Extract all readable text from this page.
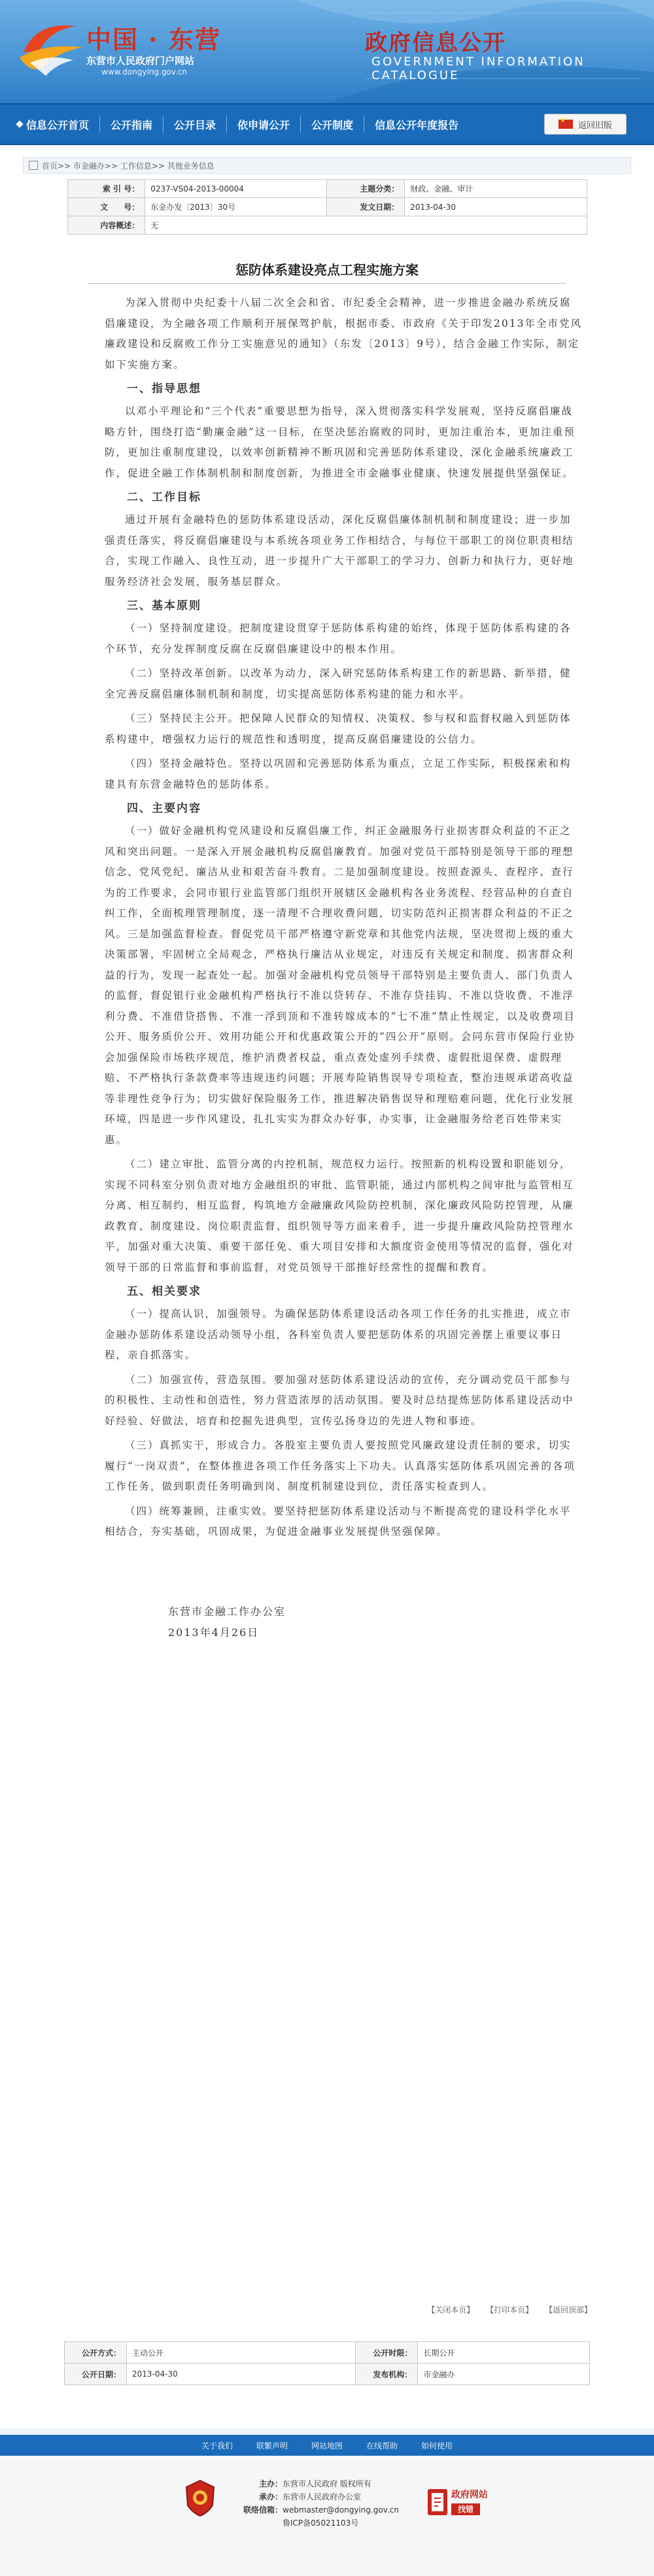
中国 · 东营
东营市人民政府门户网站
www.dongying.gov.cn
政府信息公开
GOVERNMENT INFORMATION CATALOGUE
信息公开首页 公开指南 公开目录 依申请公开 公开制度 信息公开年度报告 ★	返回旧版
首页>> 市金融办>> 工作信息>> 其他业务信息
索 引 号：	0237-VS04-2013-00004	主题分类：	财政、金融、审计
文　　号：	东金办发〔2013〕30号	发文日期：	2013-04-30
内容概述：	无		
惩防体系建设亮点工程实施方案

为深入贯彻中央纪委十八届二次全会和省、市纪委全会精神，进一步推进金融办系统反腐倡廉建设，为全融各项工作顺利开展保驾护航，根据市委、市政府《关于印发2013年全市党风廉政建设和反腐败工作分工实施意见的通知》（东发〔2013〕9号），结合金融工作实际，制定如下实施方案。

一、指导思想

以邓小平理论和“三个代表”重要思想为指导，深入贯彻落实科学发展观，坚持反腐倡廉战略方针，围绕打造“勤廉金融”这一目标，在坚决惩治腐败的同时，更加注重治本，更加注重预防，更加注重制度建设，以效率创新精神不断巩固和完善惩防体系建设，深化金融系统廉政工作，促进全融工作体制机制和制度创新，为推进全市金融事业健康、快速发展提供坚强保证。

二、工作目标

通过开展有金融特色的惩防体系建设活动，深化反腐倡廉体制机制和制度建设；进一步加强责任落实，将反腐倡廉建设与本系统各项业务工作相结合，与每位干部职工的岗位职责相结合，实现工作融入、良性互动，进一步提升广大干部职工的学习力、创新力和执行力，更好地服务经济社会发展，服务基层群众。

三、基本原则

（一）坚持制度建设。把制度建设贯穿于惩防体系构建的始终，体现于惩防体系构建的各个环节，充分发挥制度反腐在反腐倡廉建设中的根本作用。

（二）坚持改革创新。以改革为动力，深入研究惩防体系构建工作的新思路、新举措，健全完善反腐倡廉体制机制和制度，切实提高惩防体系构建的能力和水平。

（三）坚持民主公开。把保障人民群众的知情权、决策权、参与权和监督权融入到惩防体系构建中，增强权力运行的规范性和透明度，提高反腐倡廉建设的公信力。

（四）坚持金融特色。坚持以巩固和完善惩防体系为重点，立足工作实际，积极探索和构建具有东营金融特色的惩防体系。

四、主要内容

（一）做好金融机构党风建设和反腐倡廉工作，纠正金融服务行业损害群众利益的不正之风和突出问题。一是深入开展金融机构反腐倡廉教育。加强对党员干部特别是领导干部的理想信念、党风党纪、廉洁从业和艰苦奋斗教育。二是加强制度建设。按照查源头、查程序、查行为的工作要求，会同市银行业监管部门组织开展辖区金融机构各业务流程、经营品种的自查自纠工作，全面梳理管理制度，逐一清理不合理收费问题，切实防范纠正损害群众利益的不正之风。三是加强监督检查。督促党员干部严格遵守新党章和其他党内法规，坚决贯彻上级的重大决策部署，牢固树立全局观念，严格执行廉洁从业规定，对违反有关规定和制度、损害群众利益的行为，发现一起查处一起。加强对金融机构党员领导干部特别是主要负责人、部门负责人的监督，督促银行业金融机构严格执行不准以贷转存、不准存贷挂钩、不准以贷收费、不准浮利分费、不准借贷搭售、不准一浮到顶和不准转嫁成本的“七不准”禁止性规定，以及收费项目公开、服务质价公开、效用功能公开和优惠政策公开的“四公开”原则。会同东营市保险行业协会加强保险市场秩序规范，维护消费者权益，重点查处虚列手续费、虚假批退保费、虚假理赔、不严格执行条款费率等违规违约问题；开展寿险销售误导专项检查，整治违规承诺高收益等非理性竞争行为；切实做好保险服务工作，推进解决销售误导和理赔难问题，优化行业发展环境，四是进一步作风建设，扎扎实实为群众办好事，办实事，让金融服务给老百姓带来实惠。

（二）建立审批、监管分离的内控机制，规范权力运行。按照新的机构设置和职能划分，实现不同科室分别负责对地方金融组织的审批、监管职能，通过内部机构之间审批与监管相互分离、相互制约，相互监督，构筑地方金融廉政风险防控机制，深化廉政风险防控管理，从廉政教育、制度建设、岗位职责监督、组织领导等方面来着手，进一步提升廉政风险防控管理水平，加强对重大决策、重要干部任免、重大项目安排和大额度资金使用等情况的监督，强化对领导干部的日常监督和事前监督，对党员领导干部推好经常性的提醒和教育。

五、相关要求

（一）提高认识，加强领导。为确保惩防体系建设活动各项工作任务的扎实推进，成立市金融办惩防体系建设活动领导小组，各科室负责人要把惩防体系的巩固完善摆上重要议事日程，亲自抓落实。

（二）加强宣传，营造氛围。要加强对惩防体系建设活动的宣传，充分调动党员干部参与的积极性、主动性和创造性，努力营造浓厚的活动氛围。要及时总结提炼惩防体系建设活动中好经验、好做法，培育和挖掘先进典型，宣传弘扬身边的先进人物和事迹。

（三）真抓实干，形成合力。各股室主要负责人要按照党风廉政建设责任制的要求，切实履行“一岗双责”，在整体推进各项工作任务落实上下功夫。认真落实惩防体系巩固完善的各项工作任务，做到职责任务明确到岗、制度机制建设到位，责任落实检查到人。

（四）统筹兼顾，注重实效。要坚持把惩防体系建设活动与不断提高党的建设科学化水平相结合，夯实基础，巩固成果，为促进金融事业发展提供坚强保障。

东营市金融工作办公室
2013年4月26日
【关闭本页】 【打印本页】 【返回顶部】
公开方式：	主动公开	公开时限：	长期公开
公开日期：	2013-04-30	发布机构：	市金融办
关于我们	联繁声明	网站地图	在线帮助	如何使用
主办：东营市人民政府 版权所有
承办：东营市人民政府办公室
联络信箱：webmaster@dongying.gov.cn
鲁ICP备05021103号
政府网站
找错
